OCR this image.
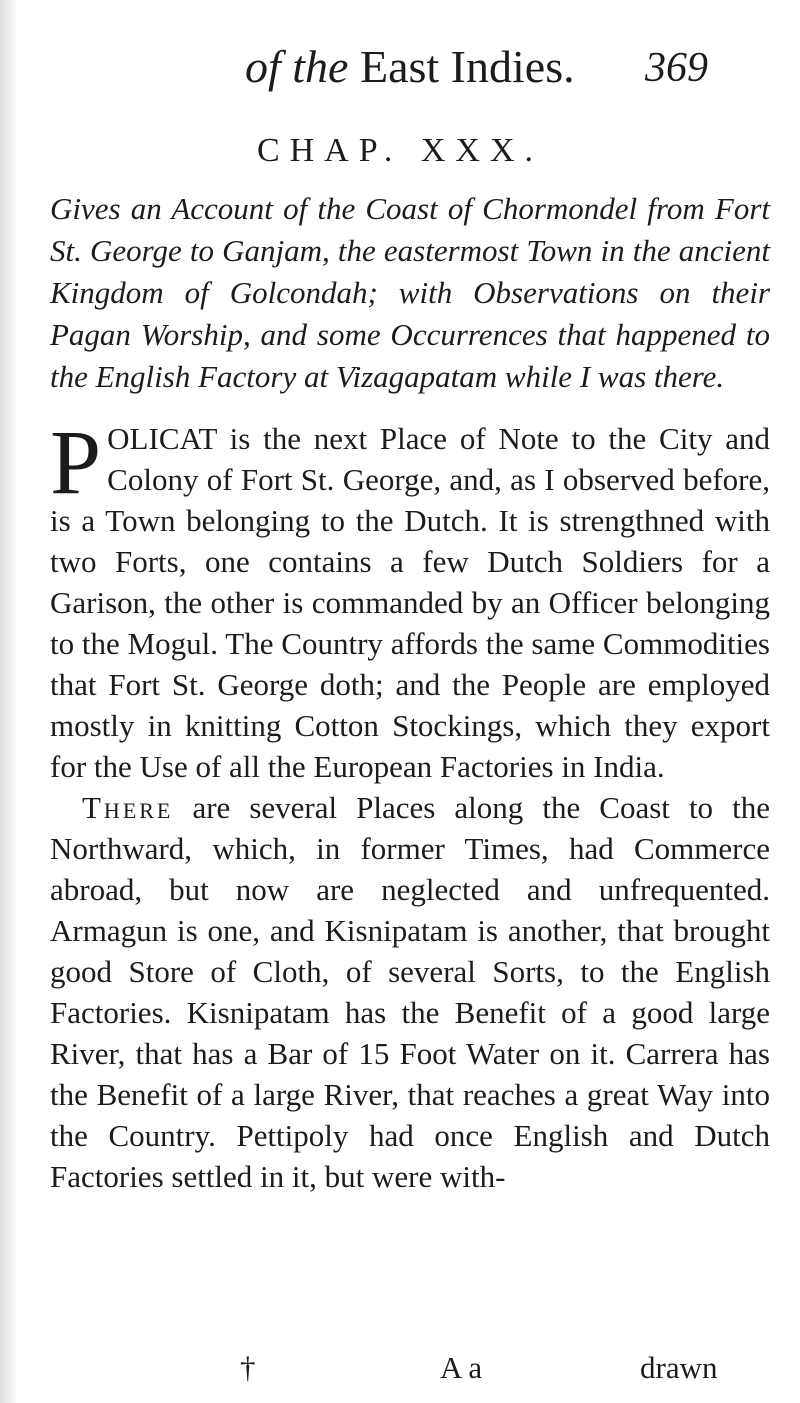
of the East Indies. 369
CHAP. XXX.
Gives an Account of the Coast of Chormondel from Fort St. George to Ganjam, the eastermost Town in the ancient Kingdom of Golcondah; with Observations on their Pagan Worship, and some Occurrences that happened to the English Factory at Vizagapatam while I was there.

P OLICAT is the next Place of Note to the City and Colony of Fort St. George, and, as I observed before, is a Town belonging to the Dutch. It is strengthned with two Forts, one contains a few Dutch Soldiers for a Garison, the other is commanded by an Officer belonging to the Mogul. The Country affords the same Commodities that Fort St. George doth; and the People are employed mostly in knitting Cotton Stockings, which they export for the Use of all the European Factories in India.

There are several Places along the Coast to the Northward, which, in former Times, had Commerce abroad, but now are neglected and unfrequented. Armagun is one, and Kisnipatam is another, that brought good Store of Cloth, of several Sorts, to the English Factories. Kisnipatam has the Benefit of a good large River, that has a Bar of 15 Foot Water on it. Carrera has the Benefit of a large River, that reaches a great Way into the Country. Pettipoly had once English and Dutch Factories settled in it, but were with-

†	A a	drawn
